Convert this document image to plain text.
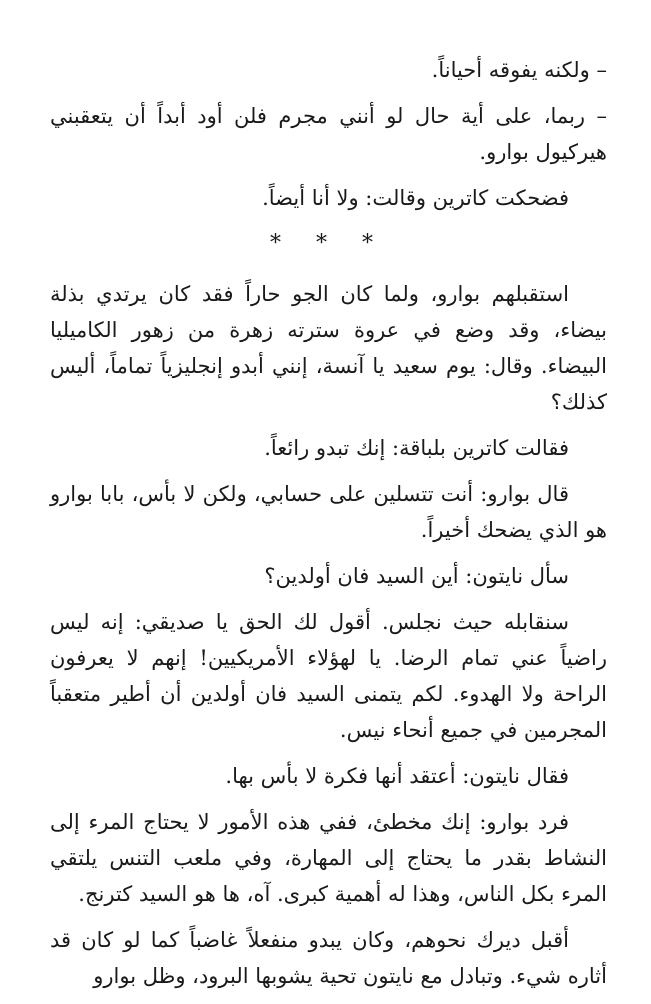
– ولكنه يفوقه أحياناً.

– ربما، على أية حال لو أنني مجرم فلن أود أبداً أن يتعقبني هيركيول بوارو.

فضحكت كاترين وقالت: ولا أنا أيضاً.

* * *

استقبلهم بوارو، ولما كان الجو حاراً فقد كان يرتدي بذلة بيضاء، وقد وضع في عروة سترته زهرة من زهور الكاميليا البيضاء. وقال: يوم سعيد يا آنسة، إنني أبدو إنجليزياً تماماً، أليس كذلك؟

فقالت كاترين بلباقة: إنك تبدو رائعاً.

قال بوارو: أنت تتسلين على حسابي، ولكن لا بأس، بابا بوارو هو الذي يضحك أخيراً.

سأل نايتون: أين السيد فان أولدين؟

سنقابله حيث نجلس. أقول لك الحق يا صديقي: إنه ليس راضياً عني تمام الرضا. يا لهؤلاء الأمريكيين! إنهم لا يعرفون الراحة ولا الهدوء. لكم يتمنى السيد فان أولدين أن أطير متعقباً المجرمين في جميع أنحاء نيس.

فقال نايتون: أعتقد أنها فكرة لا بأس بها.

فرد بوارو: إنك مخطئ، ففي هذه الأمور لا يحتاج المرء إلى النشاط بقدر ما يحتاج إلى المهارة، وفي ملعب التنس يلتقي المرء بكل الناس، وهذا له أهمية كبرى. آه، ها هو السيد كترنج.

أقبل ديرك نحوهم، وكان يبدو منفعلاً غاضباً كما لو كان قد أثاره شيء. وتبادل مع نايتون تحية يشوبها البرود، وظل بوارو
